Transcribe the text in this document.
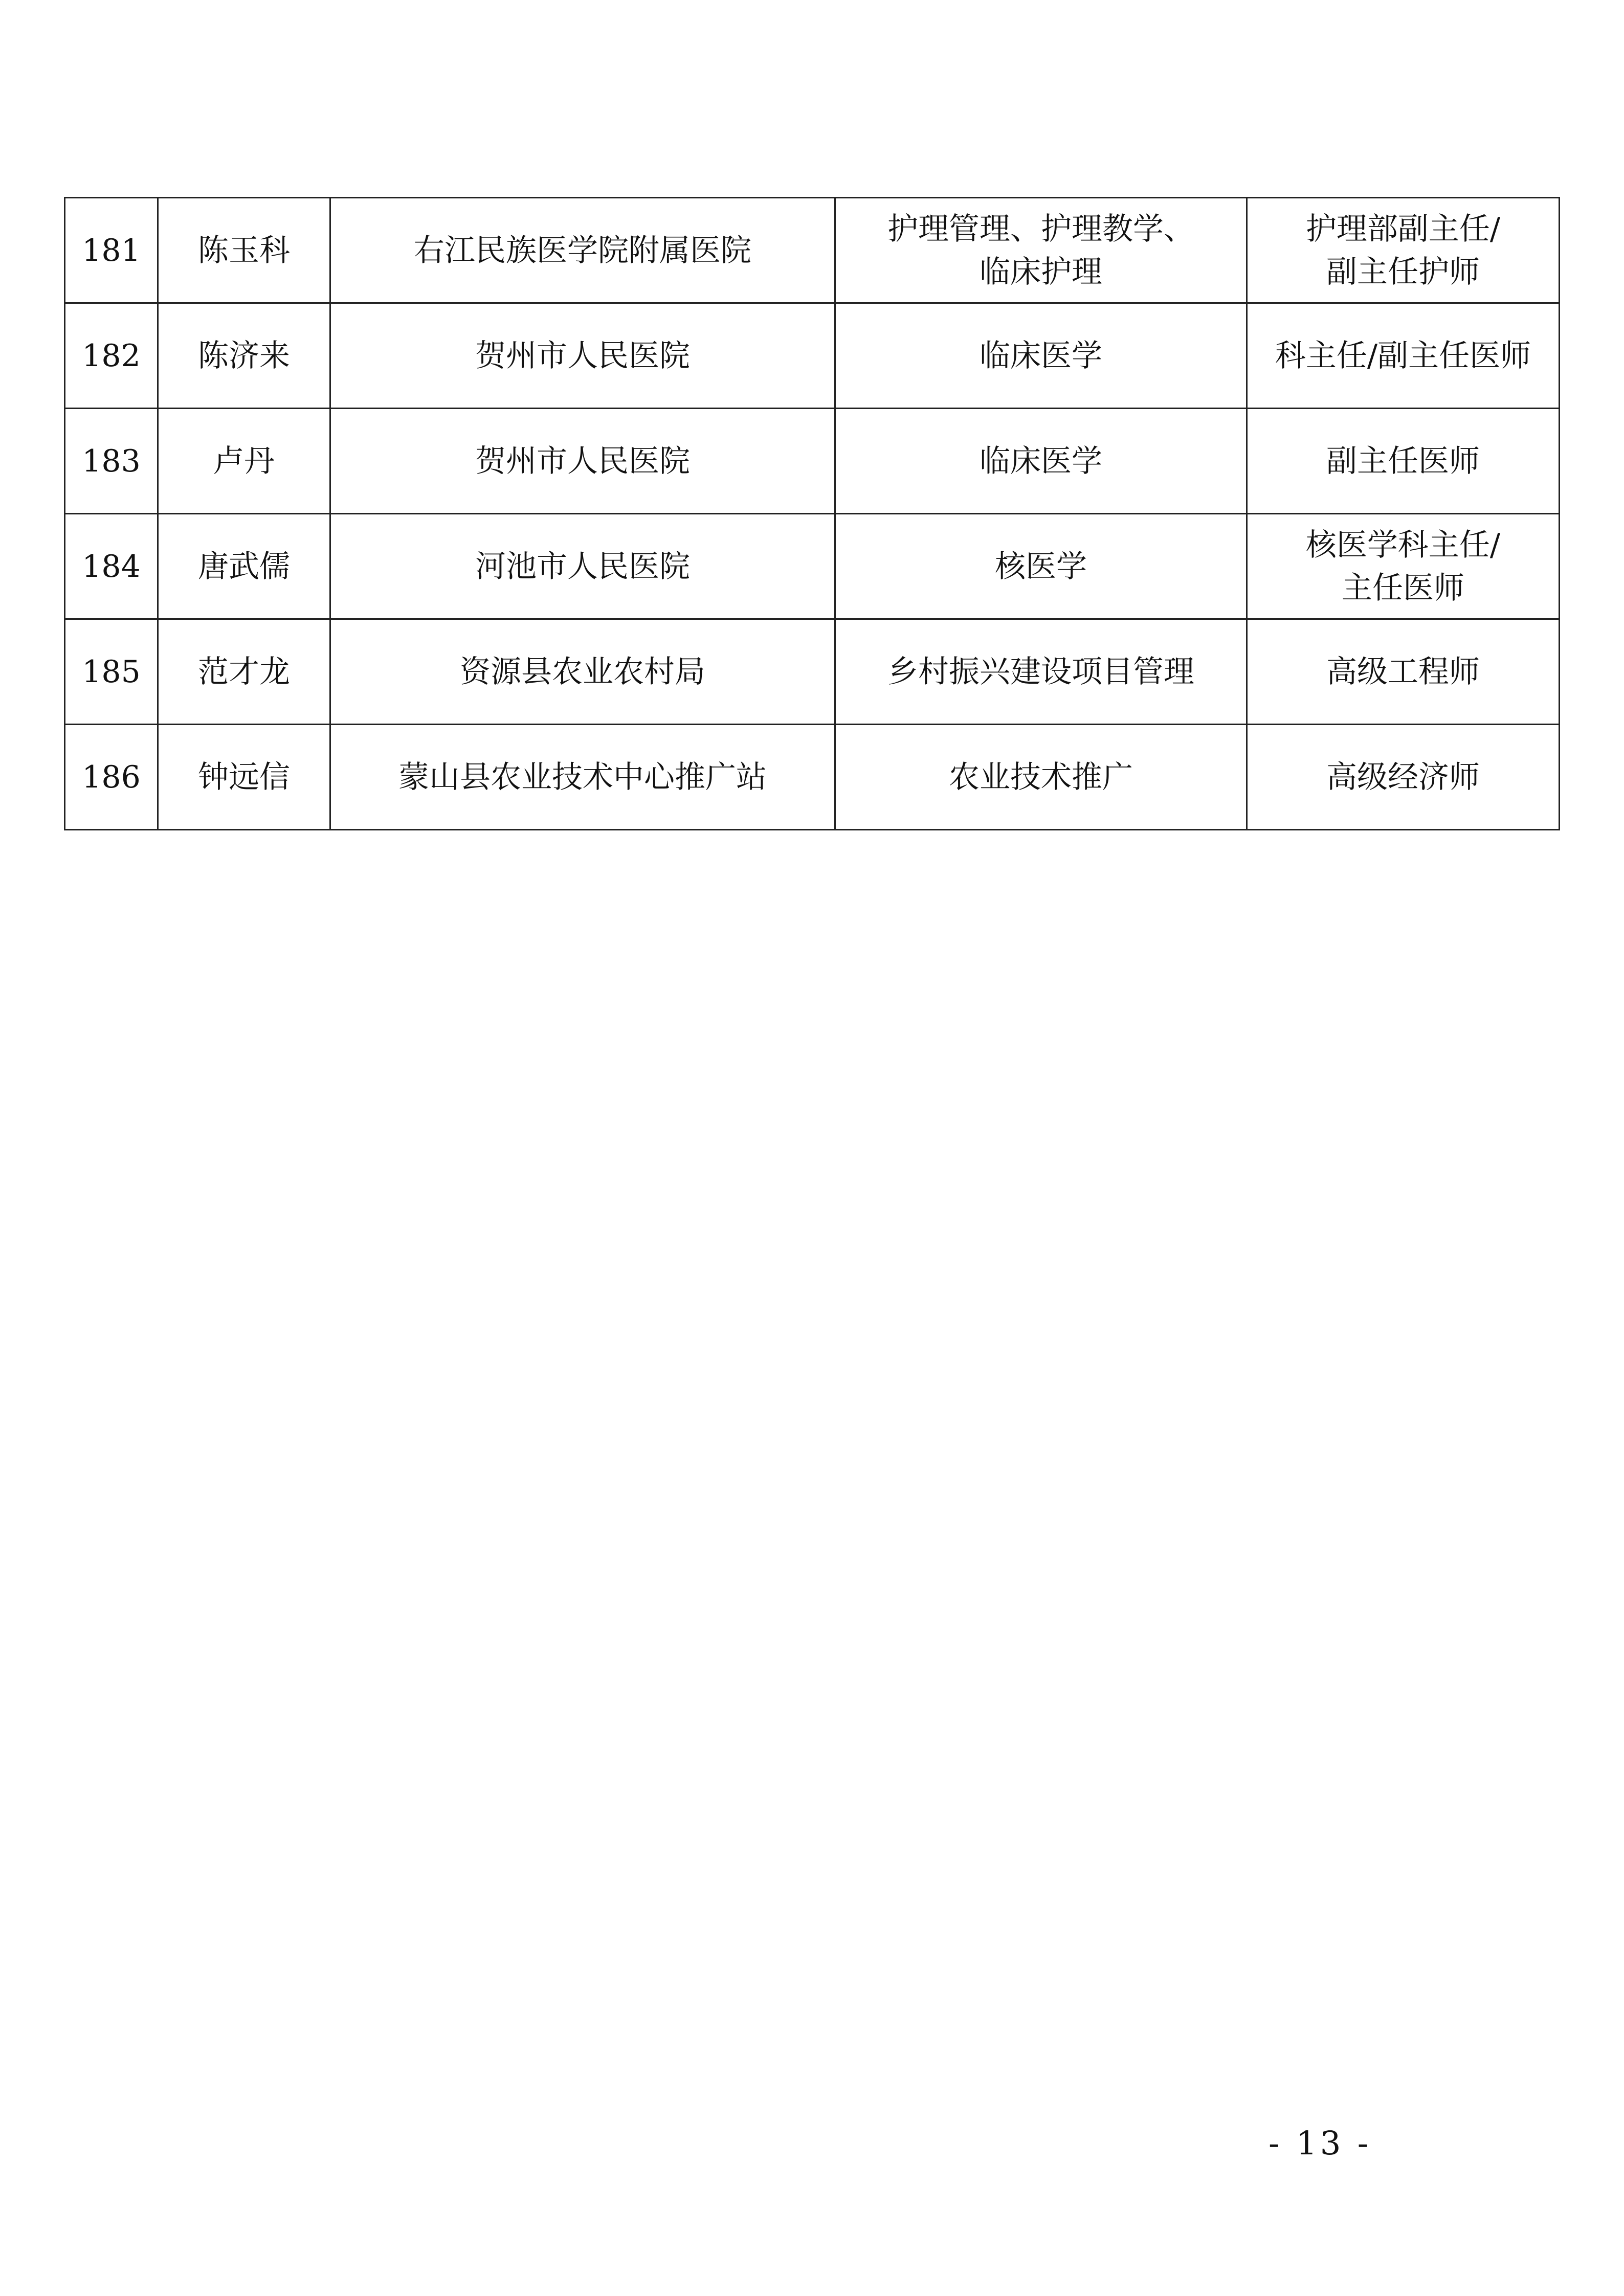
181	陈玉科	右江民族医学院附属医院	护理管理、护理教学、
临床护理	护理部副主任/
副主任护师

182	陈济来	贺州市人民医院	临床医学	科主任/副主任医师

183	卢丹	贺州市人民医院	临床医学	副主任医师

184	唐武儒	河池市人民医院	核医学	核医学科主任/
主任医师

185	范才龙	资源县农业农村局	乡村振兴建设项目管理	高级工程师

186	钟远信	蒙山县农业技术中心推广站	农业技术推广	高级经济师
- 13 -
